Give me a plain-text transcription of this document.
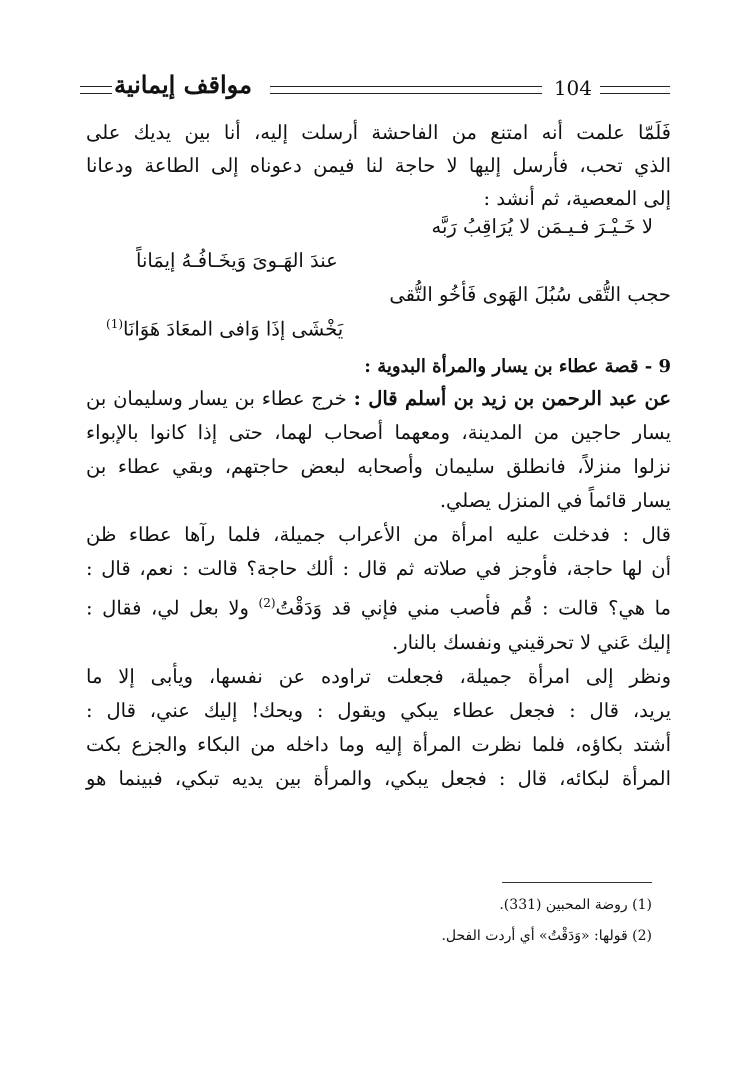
104
مواقف إيمانية

فَلَمّا علمت أنه امتنع من الفاحشة أرسلت إليه، أنا بين يديك على
الذي تحب، فأرسل إليها لا حاجة لنا فيمن دعوناه إلى الطاعة ودعانا
إلى المعصية، ثم أنشد :

لا خَـيْـرَ فـيـمَن لا يُرَاقِبُ رَبَّه
عندَ الهَـوىَ وَيخَـافُـهُ إيمَاناً
حجب التُّقى سُبُلَ الهَوى فَأخُو التُّقى
يَخْشَى إذَا وَافى المعَادَ هَوَانَا$^{(1)}$
9 - قصة عطاء بن يسار والمرأة البدوية :

عن عبد الرحمن بن زيد بن أسلم قال : خرج عطاء بن يسار وسليمان بن
يسار حاجين من المدينة، ومعهما أصحاب لهما، حتى إذا كانوا بالإبواء
نزلوا منزلاً، فانطلق سليمان وأصحابه لبعض حاجتهم، وبقي عطاء بن
يسار قائماً في المنزل يصلي.

قال : فدخلت عليه امرأة من الأعراب جميلة، فلما رآها عطاء ظن
أن لها حاجة، فأوجز في صلاته ثم قال : ألك حاجة؟ قالت : نعم، قال :
ما هي؟ قالت : قُم فأصب مني فإني قد وَدَقْتُ$^{(2)}$ ولا بعل لي، فقال :
إليك عَني لا تحرقيني ونفسك بالنار.

ونظر إلى امرأة جميلة، فجعلت تراوده عن نفسها، ويأبى إلا ما
يريد، قال : فجعل عطاء يبكي ويقول : ويحك! إليك عني، قال :
أشتد بكاؤه، فلما نظرت المرأة إليه وما داخله من البكاء والجزع بكت
المرأة لبكائه، قال : فجعل يبكي، والمرأة بين يديه تبكي، فبينما هو

(1) روضة المحبين (331).
(2) قولها: «وَدَقْتُ» أي أردت الفحل.
